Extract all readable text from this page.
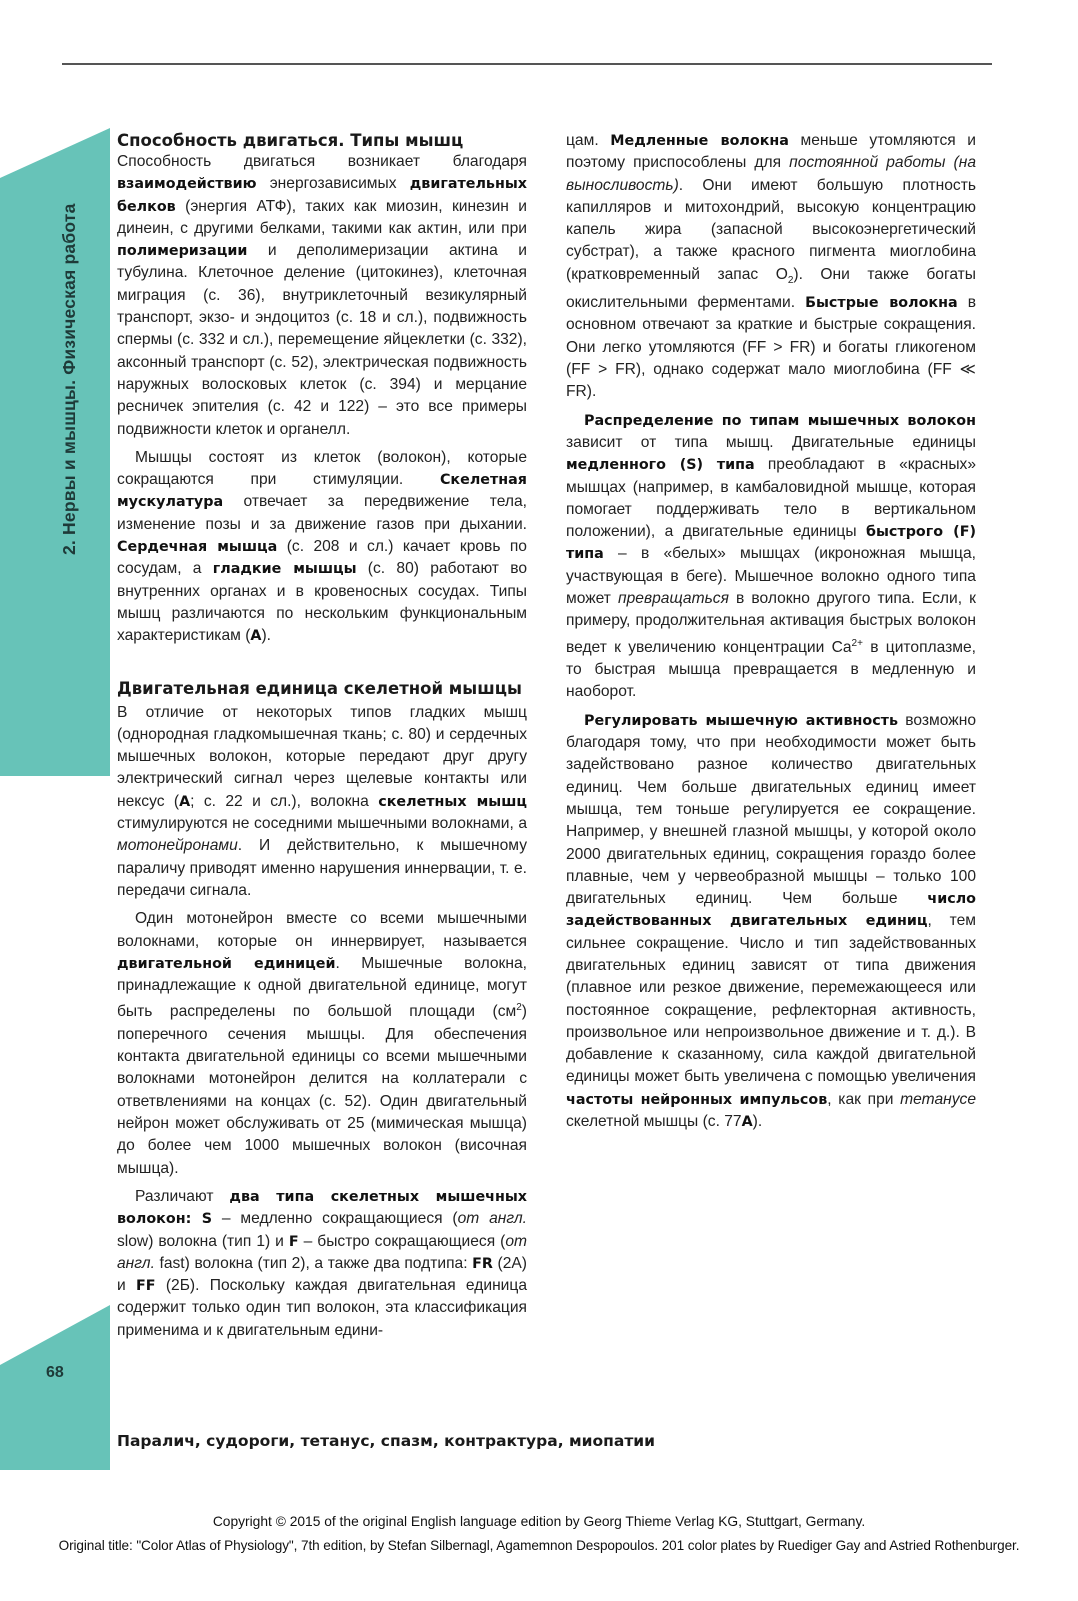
2. Нервы и мышцы. Физическая работа
68
Способность двигаться. Типы мышц

Способность двигаться возникает благодаря взаимодействию энергозависимых двигательных белков (энергия АТФ), таких как миозин, кинезин и динеин, с другими белками, такими как актин, или при полимеризации и деполимеризации актина и тубулина. Клеточное деление (цитокинез), клеточная миграция (с. 36), внутриклеточный везикулярный транспорт, экзо- и эндоцитоз (с. 18 и сл.), подвижность спермы (с. 332 и сл.), перемещение яйцеклетки (с. 332), аксонный транспорт (с. 52), электрическая подвижность наружных волосковых клеток (с. 394) и мерцание ресничек эпителия (с. 42 и 122) – это все примеры подвижности клеток и органелл.

Мышцы состоят из клеток (волокон), которые сокращаются при стимуляции. Скелетная мускулатура отвечает за передвижение тела, изменение позы и за движение газов при дыхании. Сердечная мышца (с. 208 и сл.) качает кровь по сосудам, а гладкие мышцы (с. 80) работают во внутренних органах и в кровеносных сосудах. Типы мышц различаются по нескольким функциональным характеристикам (A).

Двигательная единица скелетной мышцы

В отличие от некоторых типов гладких мышц (однородная гладкомышечная ткань; с. 80) и сердечных мышечных волокон, которые передают друг другу электрический сигнал через щелевые контакты или нексус (A; с. 22 и сл.), волокна скелетных мышц стимулируются не соседними мышечными волокнами, а мотонейронами. И действительно, к мышечному параличу приводят именно нарушения иннервации, т. е. передачи сигнала.

Один мотонейрон вместе со всеми мышечными волокнами, которые он иннервирует, называется двигательной единицей. Мышечные волокна, принадлежащие к одной двигательной единице, могут быть распределены по большой площади $(см^2)$ поперечного сечения мышцы. Для обеспечения контакта двигательной единицы со всеми мышечными волокнами мотонейрон делится на коллатерали с ответвлениями на концах (с. 52). Один двигательный нейрон может обслуживать от 25 (мимическая мышца) до более чем 1000 мышечных волокон (височная мышца).

Различают два типа скелетных мышечных волокон: S – медленно сокращающиеся (от англ. slow) волокна (тип 1) и F – быстро сокращающиеся (от англ. fast) волокна (тип 2), а также два подтипа: FR (2A) и FF (2Б). Поскольку каждая двигательная единица содержит только один тип волокон, эта классификация применима и к двигательным едини-

цам. Медленные волокна меньше утомляются и поэтому приспособлены для постоянной работы (на выносливость). Они имеют большую плотность капилляров и митохондрий, высокую концентрацию капель жира (запасной высокоэнергетический субстрат), а также красного пигмента миоглобина (кратковременный запас $O_2$). Они также богаты окислительными ферментами. Быстрые волокна в основном отвечают за краткие и быстрые сокращения. Они легко утомляются (FF > FR) и богаты гликогеном (FF > FR), однако содержат мало миоглобина (FF ≪ FR).

Распределение по типам мышечных волокон зависит от типа мышц. Двигательные единицы медленного (S) типа преобладают в «красных» мышцах (например, в камбаловидной мышце, которая помогает поддерживать тело в вертикальном положении), а двигательные единицы быстрого (F) типа – в «белых» мышцах (икроножная мышца, участвующая в беге). Мышечное волокно одного типа может превращаться в волокно другого типа. Если, к примеру, продолжительная активация быстрых волокон ведет к увеличению концентрации $Ca^{2+}$ в цитоплазме, то быстрая мышца превращается в медленную и наоборот.

Регулировать мышечную активность возможно благодаря тому, что при необходимости может быть задействовано разное количество двигательных единиц. Чем больше двигательных единиц имеет мышца, тем тоньше регулируется ее сокращение. Например, у внешней глазной мышцы, у которой около 2000 двигательных единиц, сокращения гораздо более плавные, чем у червеобразной мышцы – только 100 двигательных единиц. Чем больше число задействованных двигательных единиц, тем сильнее сокращение. Число и тип задействованных двигательных единиц зависят от типа движения (плавное или резкое движение, перемежающееся или постоянное сокращение, рефлекторная активность, произвольное или непроизвольное движение и т. д.). В добавление к сказанному, сила каждой двигательной единицы может быть увеличена с помощью увеличения частоты нейронных импульсов, как при тетанусе скелетной мышцы (с. 77A).

Паралич, судороги, тетанус, спазм, контрактура, миопатии
Copyright © 2015 of the original English language edition by Georg Thieme Verlag KG, Stuttgart, Germany.
Original title: "Color Atlas of Physiology", 7th edition, by Stefan Silbernagl, Agamemnon Despopoulos. 201 color plates by Ruediger Gay and Astried Rothenburger.
